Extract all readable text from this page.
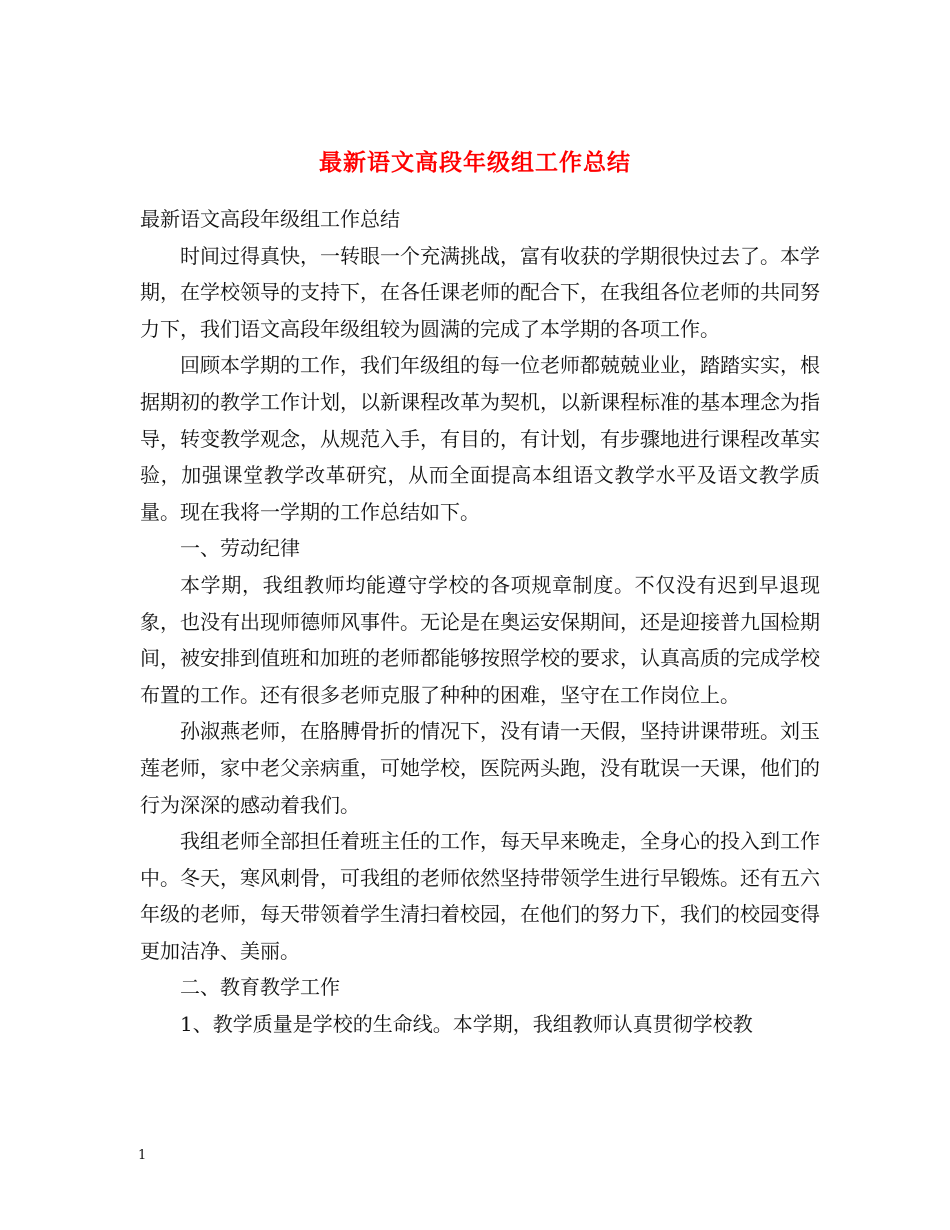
最新语文高段年级组工作总结

最新语文高段年级组工作总结

时间过得真快，一转眼一个充满挑战，富有收获的学期很快过去了。本学期，在学校领导的支持下，在各任课老师的配合下，在我组各位老师的共同努力下，我们语文高段年级组较为圆满的完成了本学期的各项工作。

回顾本学期的工作，我们年级组的每一位老师都兢兢业业，踏踏实实，根据期初的教学工作计划，以新课程改革为契机，以新课程标准的基本理念为指导，转变教学观念，从规范入手，有目的，有计划，有步骤地进行课程改革实验，加强课堂教学改革研究，从而全面提高本组语文教学水平及语文教学质量。现在我将一学期的工作总结如下。

一、劳动纪律

本学期，我组教师均能遵守学校的各项规章制度。不仅没有迟到早退现象，也没有出现师德师风事件。无论是在奥运安保期间，还是迎接普九国检期间，被安排到值班和加班的老师都能够按照学校的要求，认真高质的完成学校布置的工作。还有很多老师克服了种种的困难，坚守在工作岗位上。

孙淑燕老师，在胳膊骨折的情况下，没有请一天假，坚持讲课带班。刘玉莲老师，家中老父亲病重，可她学校，医院两头跑，没有耽误一天课，他们的行为深深的感动着我们。

我组老师全部担任着班主任的工作，每天早来晚走，全身心的投入到工作中。冬天，寒风刺骨，可我组的老师依然坚持带领学生进行早锻炼。还有五六年级的老师，每天带领着学生清扫着校园，在他们的努力下，我们的校园变得更加洁净、美丽。

二、教育教学工作

1、教学质量是学校的生命线。本学期，我组教师认真贯彻学校教

1
